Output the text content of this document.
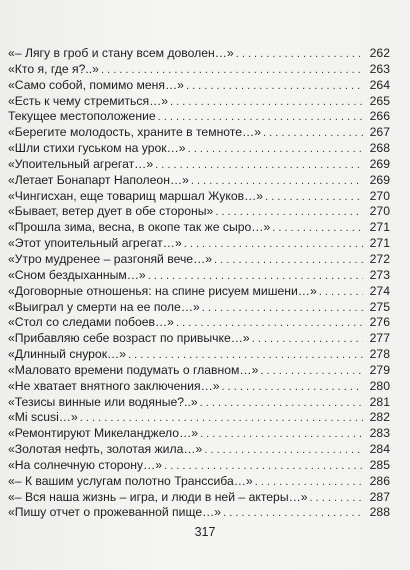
«– Лягу в гроб и стану всем доволен…» . . .	262
«Кто я, где я?..» . . .	263
«Само собой, помимо меня…» . . .	264
«Есть к чему стремиться…» . . .	265
Текущее местоположение . . .	266
«Берегите молодость, храните в темноте…» . . .	267
«Шли стихи гуськом на урок…» . . .	268
«Упоительный агрегат…» . . .	269
«Летает Бонапарт Наполеон…» . . .	269
«Чингисхан, еще товарищ маршал Жуков…» . . .	270
«Бывает, ветер дует в обе стороны» . . .	270
«Прошла зима, весна, в окопе так же сыро…» . . .	271
«Этот упоительный агрегат…» . . .	271
«Утро мудренее – разгоняй вече…» . . .	272
«Сном бездыханным…» . . .	273
«Договорные отношенья: на спине рисуем мишени…» . . .	274
«Выиграл у смерти на ее поле…» . . .	275
«Стол со следами побоев…» . . .	276
«Прибавляю себе возраст по привычке…» . . .	277
«Длинный снурок…» . . .	278
«Маловато времени подумать о главном…» . . .	279
«Не хватает внятного заключения…» . . .	280
«Тезисы винные или водяные?..» . . .	281
«Mi scusi…» . . .	282
«Ремонтируют Микеланджело…» . . .	283
«Золотая нефть, золотая жила…» . . .	284
«На солнечную сторону…» . . .	285
«– К вашим услугам полотно Транссиба…» . . .	286
«– Вся наша жизнь – игра, и люди в ней – актеры…» . . .	287
«Пишу отчет о прожеванной пище…» . . .	288
317
